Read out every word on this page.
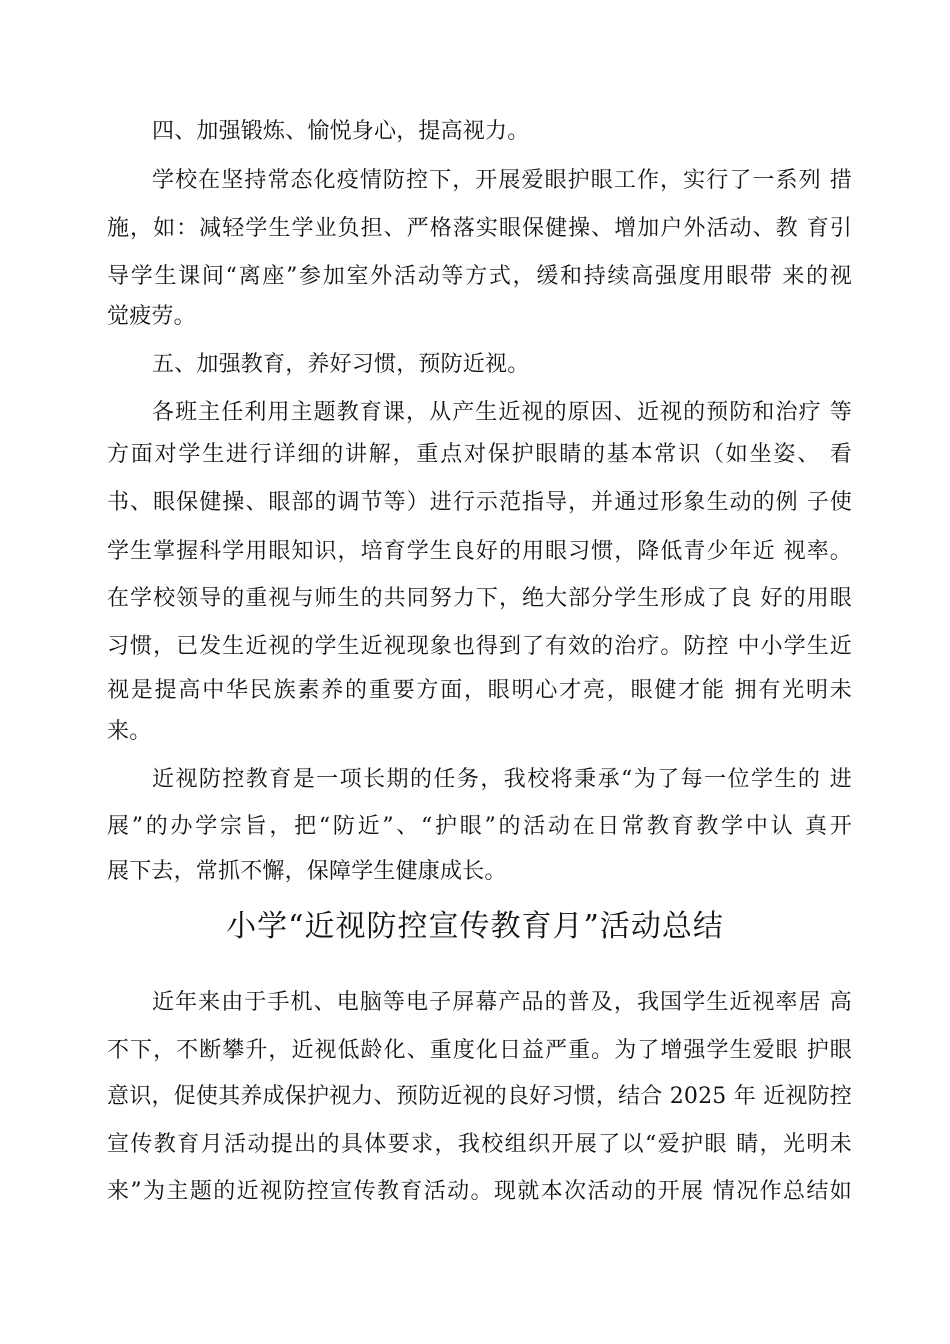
四、加强锻炼、愉悦身心，提高视力。
学校在坚持常态化疫情防控下，开展爱眼护眼工作，实行了一系列 措
施，如：减轻学生学业负担、严格落实眼保健操、增加户外活动、教 育引
导学生课间“离座”参加室外活动等方式，缓和持续高强度用眼带 来的视
觉疲劳。
五、加强教育，养好习惯，预防近视。
各班主任利用主题教育课，从产生近视的原因、近视的预防和治疗 等
方面对学生进行详细的讲解，重点对保护眼睛的基本常识（如坐姿、 看
书、眼保健操、眼部的调节等）进行示范指导，并通过形象生动的例 子使
学生掌握科学用眼知识，培育学生良好的用眼习惯，降低青少年近 视率。
在学校领导的重视与师生的共同努力下，绝大部分学生形成了良 好的用眼
习惯，已发生近视的学生近视现象也得到了有效的治疗。防控 中小学生近
视是提高中华民族素养的重要方面，眼明心才亮，眼健才能 拥有光明未
来。
近视防控教育是一项长期的任务，我校将秉承“为了每一位学生的 进
展”的办学宗旨，把“防近”、“护眼”的活动在日常教育教学中认 真开
展下去，常抓不懈，保障学生健康成长。
小学“近视防控宣传教育月”活动总结
近年来由于手机、电脑等电子屏幕产品的普及，我国学生近视率居 高
不下，不断攀升，近视低龄化、重度化日益严重。为了增强学生爱眼 护眼
意识，促使其养成保护视力、预防近视的良好习惯，结合 2025 年 近视防控
宣传教育月活动提出的具体要求，我校组织开展了以“爱护眼 睛，光明未
来”为主题的近视防控宣传教育活动。现就本次活动的开展 情况作总结如
